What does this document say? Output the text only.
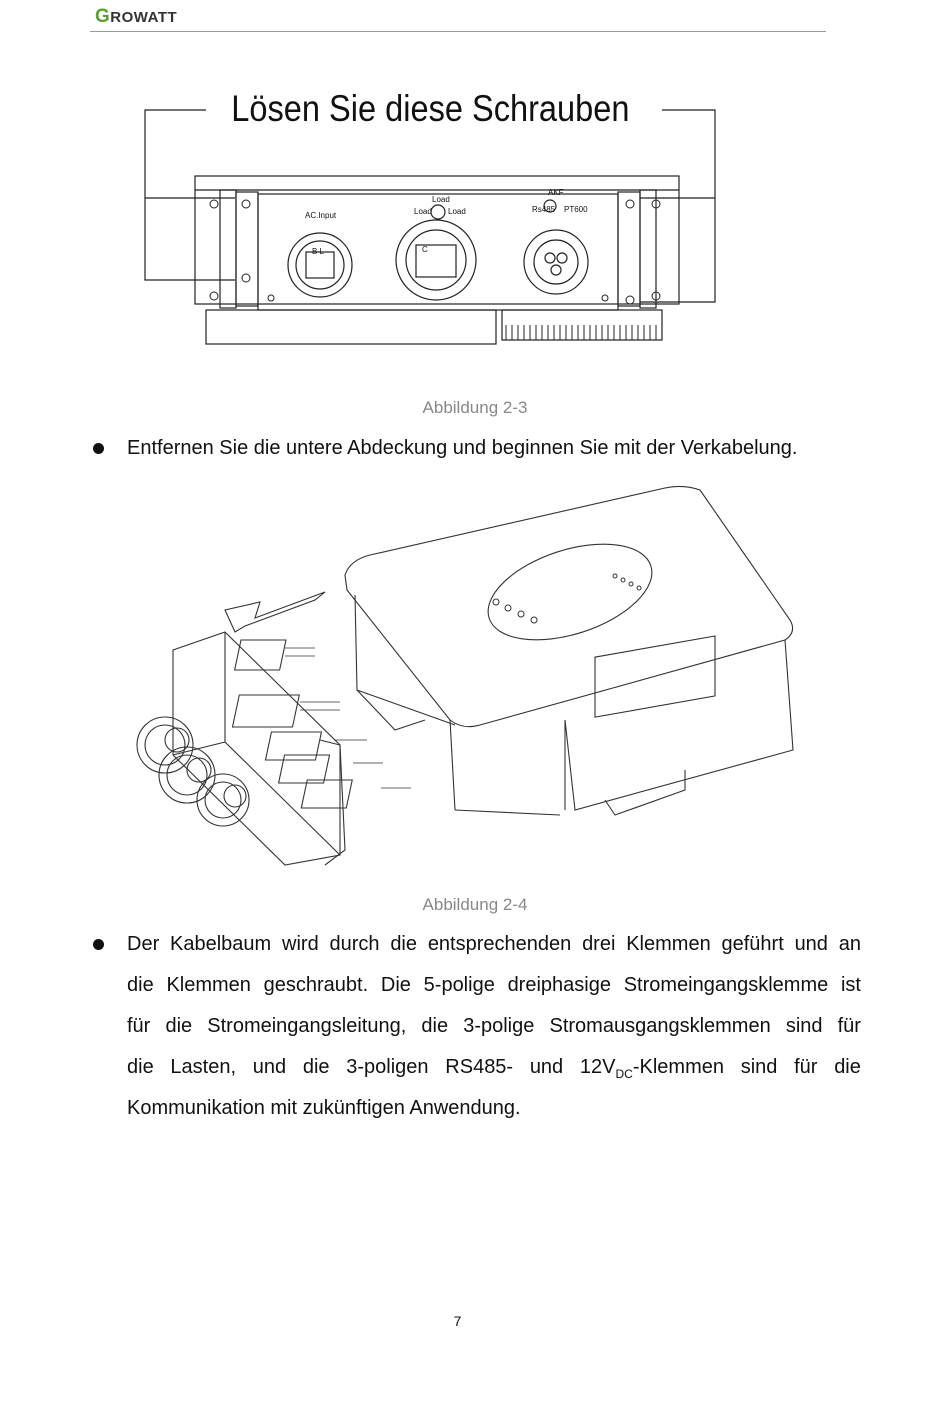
GROWATT
Lösen Sie diese Schrauben
AC.Input
Load
Load Load
AKF
Rs485 PT600
B L	C
Abbildung 2-3
Entfernen Sie die untere Abdeckung und beginnen Sie mit der Verkabelung.
Abbildung 2-4
Der Kabelbaum wird durch die entsprechenden drei Klemmen geführt und an
die Klemmen geschraubt. Die 5-polige dreiphasige Stromeingangsklemme ist
für die Stromeingangsleitung, die 3-polige Stromausgangsklemmen sind für
die Lasten, und die 3-poligen RS485- und $12V_{DC}$-Klemmen sind für die
Kommunikation mit zukünftigen Anwendung.
7
